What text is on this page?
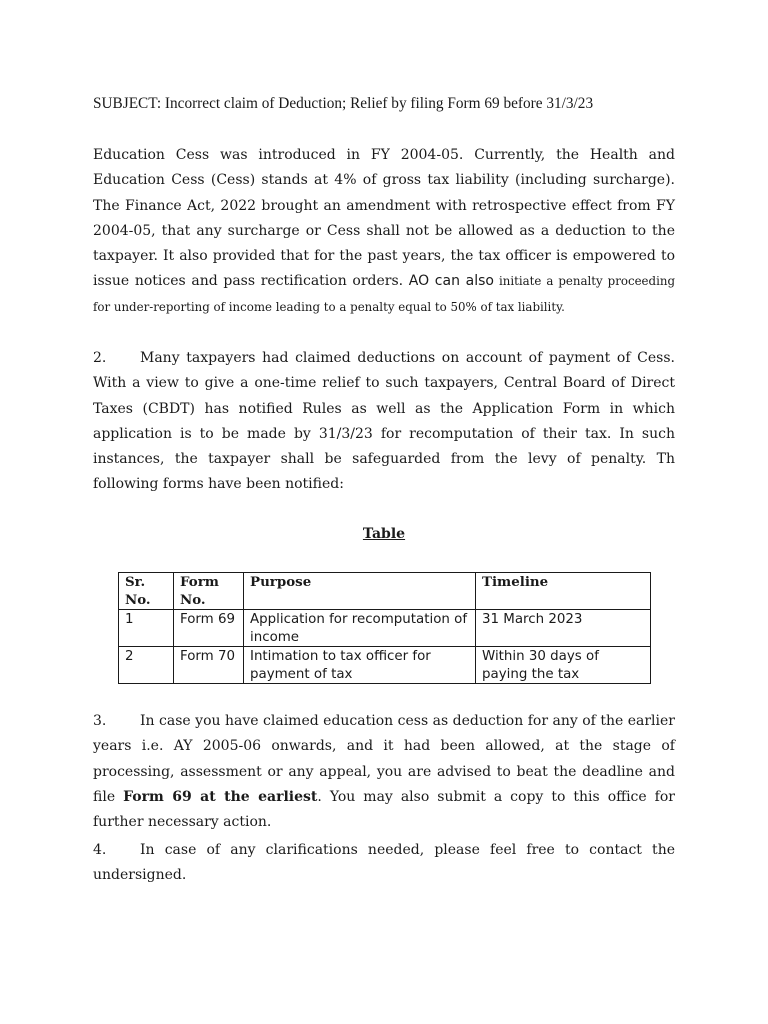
SUBJECT: Incorrect claim of Deduction; Relief by filing Form 69 before 31/3/23

Education Cess was introduced in FY 2004-05. Currently, the Health and Education Cess (Cess) stands at 4% of gross tax liability (including surcharge). The Finance Act, 2022 brought an amendment with retrospective effect from FY 2004-05, that any surcharge or Cess shall not be allowed as a deduction to the taxpayer. It also provided that for the past years, the tax officer is empowered to issue notices and pass rectification orders. AO can also initiate a penalty proceeding for under-reporting of income leading to a penalty equal to 50% of tax liability.

2. Many taxpayers had claimed deductions on account of payment of Cess. With a view to give a one-time relief to such taxpayers, Central Board of Direct Taxes (CBDT) has notified Rules as well as the Application Form in which application is to be made by 31/3/23 for recomputation of their tax. In such instances, the taxpayer shall be safeguarded from the levy of penalty. Th following forms have been notified:

Table

Sr. No.	Form No.	Purpose	Timeline
1	Form 69	Application for recomputation of income	31 March 2023
2	Form 70	Intimation to tax officer for payment of tax	Within 30 days of paying the tax

3. In case you have claimed education cess as deduction for any of the earlier years i.e. AY 2005-06 onwards, and it had been allowed, at the stage of processing, assessment or any appeal, you are advised to beat the deadline and file Form 69 at the earliest. You may also submit a copy to this office for further necessary action.

4. In case of any clarifications needed, please feel free to contact the undersigned.
